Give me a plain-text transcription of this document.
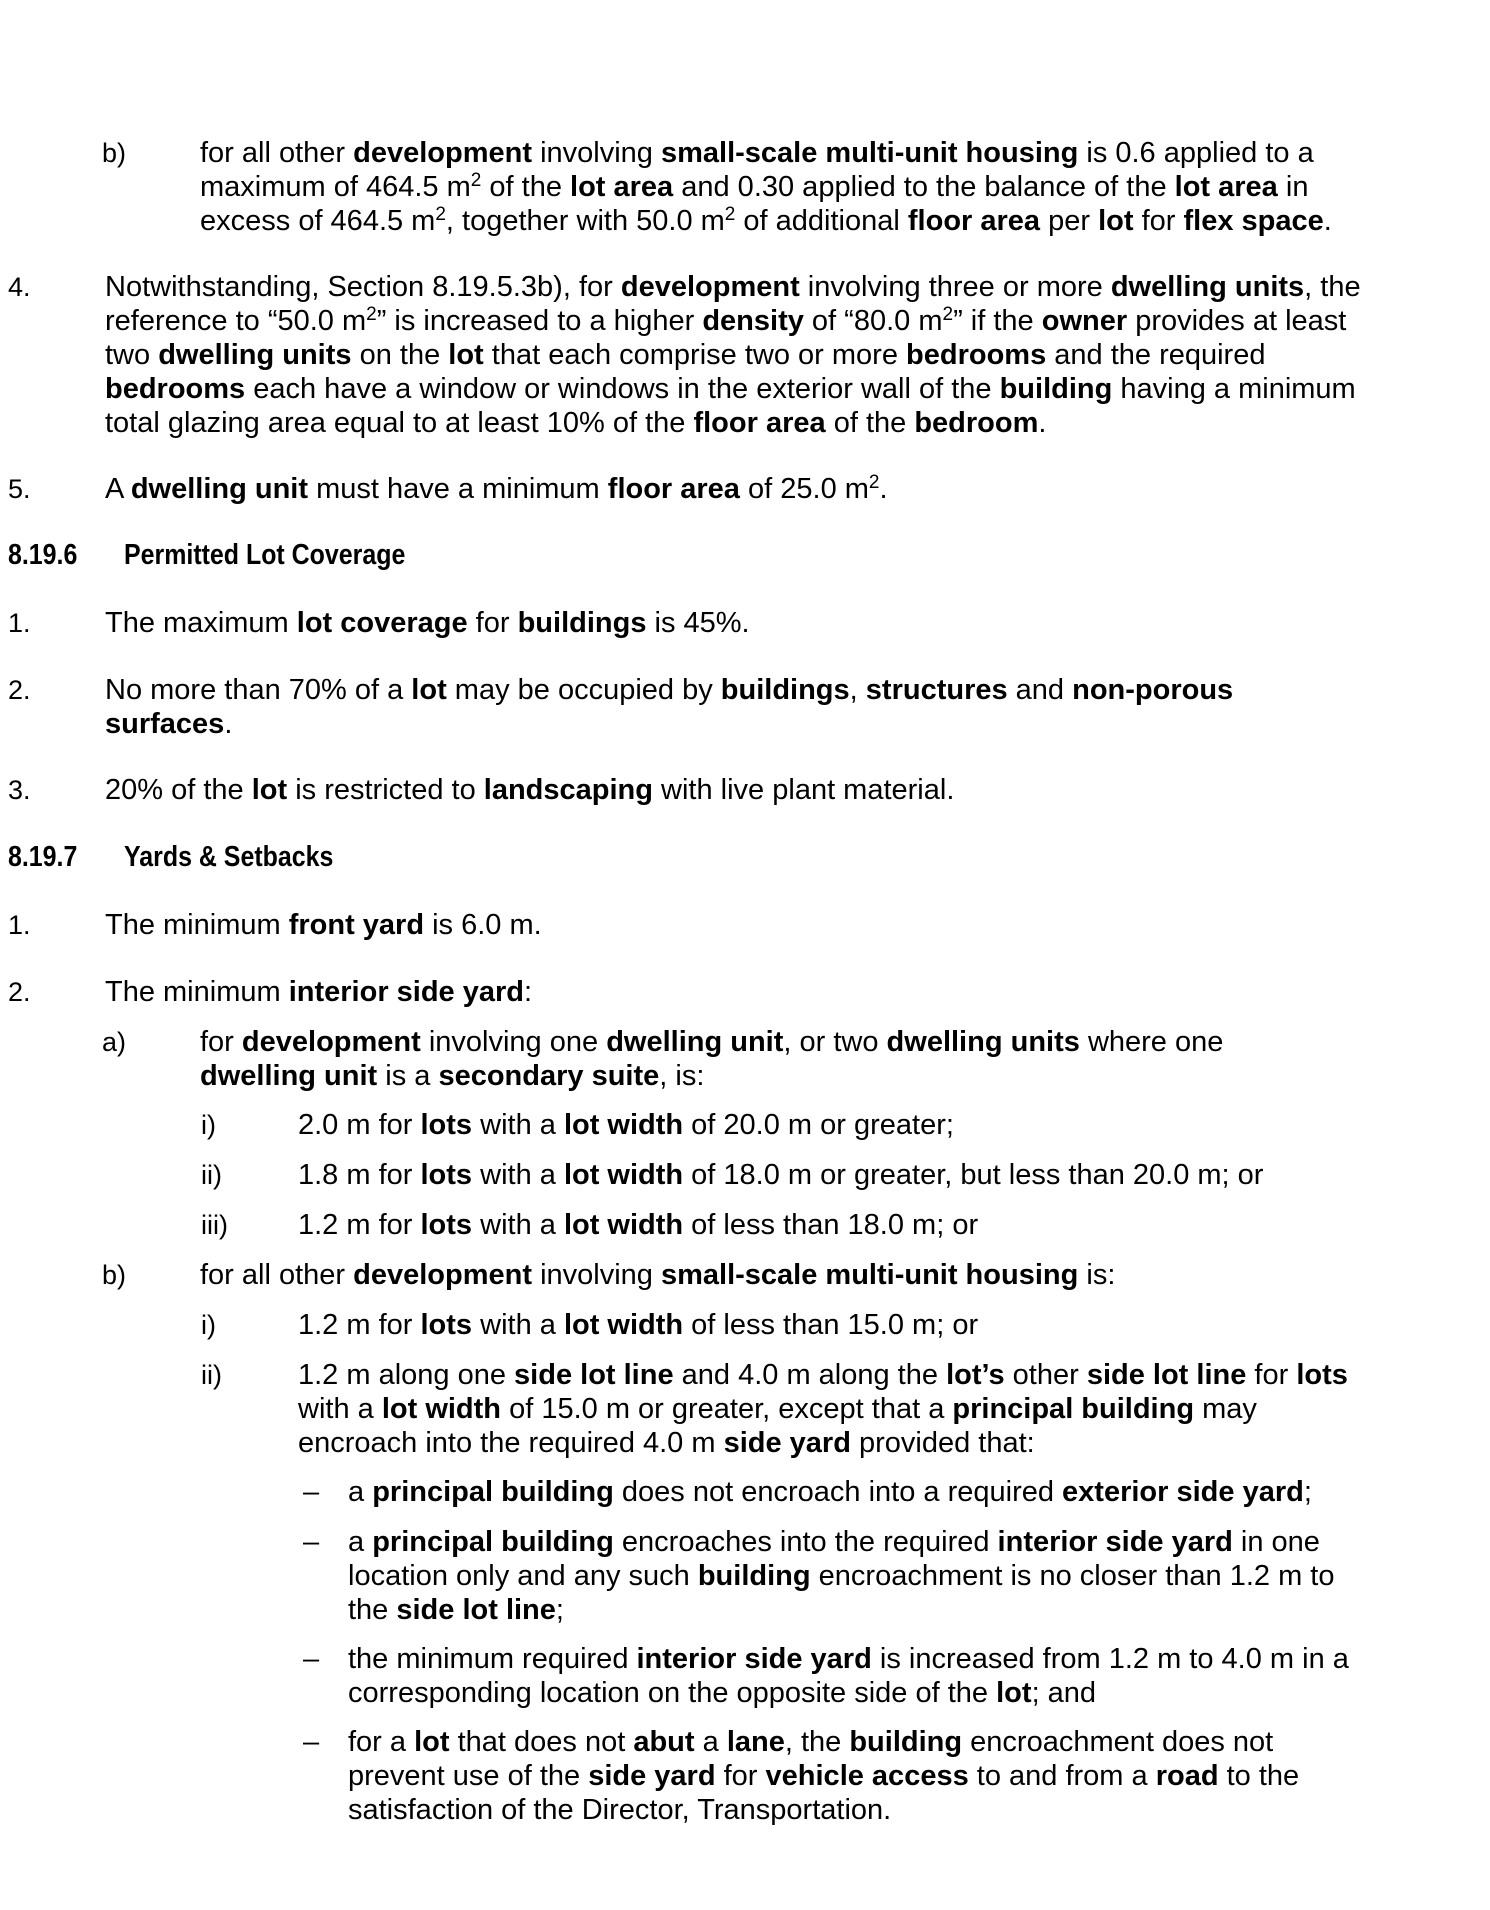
b)	for all other development involving small-scale multi-unit housing is 0.6 applied to a maximum of 464.5 $m^2$ of the lot area and 0.30 applied to the balance of the lot area in excess of 464.5 $m^2$, together with 50.0 $m^2$ of additional floor area per lot for flex space.
4.	Notwithstanding, Section 8.19.5.3b), for development involving three or more dwelling units, the reference to “50.0 $m^2$” is increased to a higher density of “80.0 $m^2$” if the owner provides at least two dwelling units on the lot that each comprise two or more bedrooms and the required bedrooms each have a window or windows in the exterior wall of the building having a minimum total glazing area equal to at least 10% of the floor area of the bedroom.
5.	A dwelling unit must have a minimum floor area of 25.0 $m^2$.
8.19.6 Permitted Lot Coverage
1.	The maximum lot coverage for buildings is 45%.
2.	No more than 70% of a lot may be occupied by buildings, structures and non-porous surfaces.
3.	20% of the lot is restricted to landscaping with live plant material.
8.19.7 Yards & Setbacks
1.	The minimum front yard is 6.0 m.
2.	The minimum interior side yard:
a)	for development involving one dwelling unit, or two dwelling units where one dwelling unit is a secondary suite, is:
i)	2.0 m for lots with a lot width of 20.0 m or greater;
ii)	1.8 m for lots with a lot width of 18.0 m or greater, but less than 20.0 m; or
iii) 1.2 m for lots with a lot width of less than 18.0 m; or
b)	for all other development involving small-scale multi-unit housing is:
i)	1.2 m for lots with a lot width of less than 15.0 m; or
ii)	1.2 m along one side lot line and 4.0 m along the lot’s other side lot line for lots with a lot width of 15.0 m or greater, except that a principal building may encroach into the required 4.0 m side yard provided that:
– a principal building does not encroach into a required exterior side yard;
– a principal building encroaches into the required interior side yard in one location only and any such building encroachment is no closer than 1.2 m to the side lot line;
– the minimum required interior side yard is increased from 1.2 m to 4.0 m in a corresponding location on the opposite side of the lot; and
– for a lot that does not abut a lane, the building encroachment does not prevent use of the side yard for vehicle access to and from a road to the satisfaction of the Director, Transportation.
